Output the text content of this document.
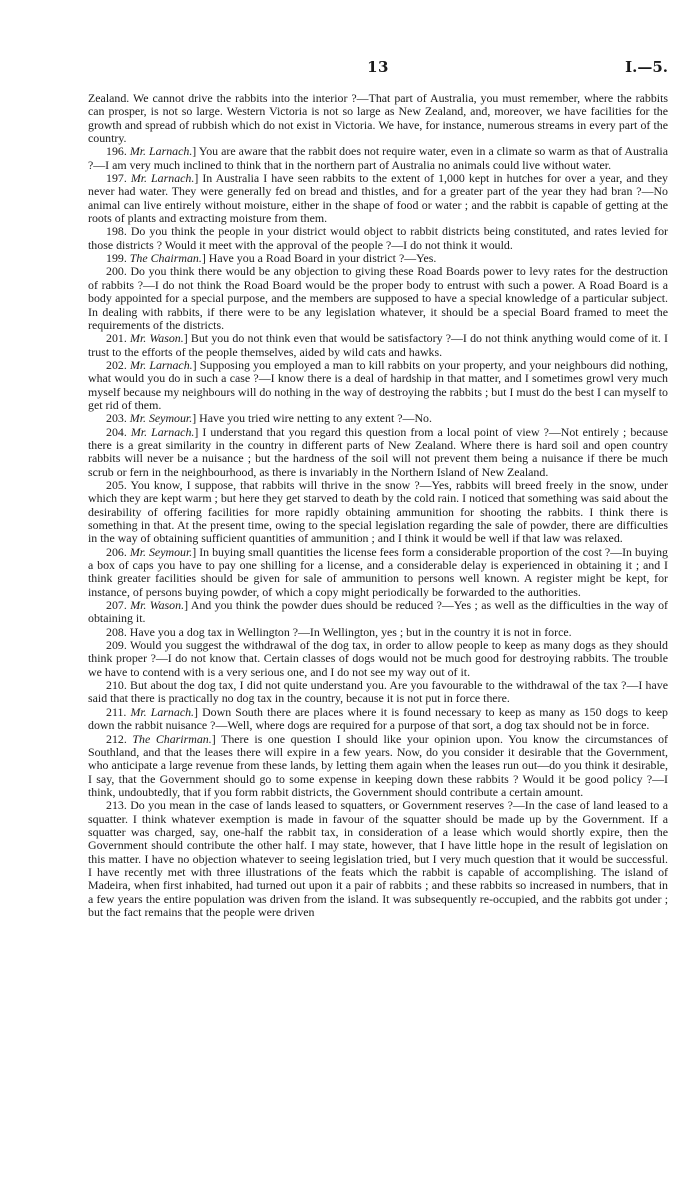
13	I.—5.

Zealand. We cannot drive the rabbits into the interior ?—That part of Australia, you must remember, where the rabbits can prosper, is not so large. Western Victoria is not so large as New Zealand, and, moreover, we have facilities for the growth and spread of rubbish which do not exist in Victoria. We have, for instance, numerous streams in every part of the country.

196. Mr. Larnach.] You are aware that the rabbit does not require water, even in a climate so warm as that of Australia ?—I am very much inclined to think that in the northern part of Australia no animals could live without water.

197. Mr. Larnach.] In Australia I have seen rabbits to the extent of 1,000 kept in hutches for over a year, and they never had water. They were generally fed on bread and thistles, and for a greater part of the year they had bran ?—No animal can live entirely without moisture, either in the shape of food or water ; and the rabbit is capable of getting at the roots of plants and extracting moisture from them.

198. Do you think the people in your district would object to rabbit districts being constituted, and rates levied for those districts ? Would it meet with the approval of the people ?—I do not think it would.

199. The Chairman.] Have you a Road Board in your district ?—Yes.

200. Do you think there would be any objection to giving these Road Boards power to levy rates for the destruction of rabbits ?—I do not think the Road Board would be the proper body to entrust with such a power. A Road Board is a body appointed for a special purpose, and the members are supposed to have a special knowledge of a particular subject. In dealing with rabbits, if there were to be any legislation whatever, it should be a special Board framed to meet the requirements of the districts.

201. Mr. Wason.] But you do not think even that would be satisfactory ?—I do not think anything would come of it. I trust to the efforts of the people themselves, aided by wild cats and hawks.

202. Mr. Larnach.] Supposing you employed a man to kill rabbits on your property, and your neighbours did nothing, what would you do in such a case ?—I know there is a deal of hardship in that matter, and I sometimes growl very much myself because my neighbours will do nothing in the way of destroying the rabbits ; but I must do the best I can myself to get rid of them.

203. Mr. Seymour.] Have you tried wire netting to any extent ?—No.

204. Mr. Larnach.] I understand that you regard this question from a local point of view ?—Not entirely ; because there is a great similarity in the country in different parts of New Zealand. Where there is hard soil and open country rabbits will never be a nuisance ; but the hardness of the soil will not prevent them being a nuisance if there be much scrub or fern in the neighbourhood, as there is invariably in the Northern Island of New Zealand.

205. You know, I suppose, that rabbits will thrive in the snow ?—Yes, rabbits will breed freely in the snow, under which they are kept warm ; but here they get starved to death by the cold rain. I noticed that something was said about the desirability of offering facilities for more rapidly obtaining ammunition for shooting the rabbits. I think there is something in that. At the present time, owing to the special legislation regarding the sale of powder, there are difficulties in the way of obtaining sufficient quantities of ammunition ; and I think it would be well if that law was relaxed.

206. Mr. Seymour.] In buying small quantities the license fees form a considerable proportion of the cost ?—In buying a box of caps you have to pay one shilling for a license, and a considerable delay is experienced in obtaining it ; and I think greater facilities should be given for sale of ammunition to persons well known. A register might be kept, for instance, of persons buying powder, of which a copy might periodically be forwarded to the authorities.

207. Mr. Wason.] And you think the powder dues should be reduced ?—Yes ; as well as the difficulties in the way of obtaining it.

208. Have you a dog tax in Wellington ?—In Wellington, yes ; but in the country it is not in force.

209. Would you suggest the withdrawal of the dog tax, in order to allow people to keep as many dogs as they should think proper ?—I do not know that. Certain classes of dogs would not be much good for destroying rabbits. The trouble we have to contend with is a very serious one, and I do not see my way out of it.

210. But about the dog tax, I did not quite understand you. Are you favourable to the withdrawal of the tax ?—I have said that there is practically no dog tax in the country, because it is not put in force there.

211. Mr. Larnach.] Down South there are places where it is found necessary to keep as many as 150 dogs to keep down the rabbit nuisance ?—Well, where dogs are required for a purpose of that sort, a dog tax should not be in force.

212. The Charirman.] There is one question I should like your opinion upon. You know the circumstances of Southland, and that the leases there will expire in a few years. Now, do you consider it desirable that the Government, who anticipate a large revenue from these lands, by letting them again when the leases run out—do you think it desirable, I say, that the Government should go to some expense in keeping down these rabbits ? Would it be good policy ?—I think, undoubtedly, that if you form rabbit districts, the Government should contribute a certain amount.

213. Do you mean in the case of lands leased to squatters, or Government reserves ?—In the case of land leased to a squatter. I think whatever exemption is made in favour of the squatter should be made up by the Government. If a squatter was charged, say, one-half the rabbit tax, in consideration of a lease which would shortly expire, then the Government should contribute the other half. I may state, however, that I have little hope in the result of legislation on this matter. I have no objection whatever to seeing legislation tried, but I very much question that it would be successful. I have recently met with three illustrations of the feats which the rabbit is capable of accomplishing. The island of Madeira, when first inhabited, had turned out upon it a pair of rabbits ; and these rabbits so increased in numbers, that in a few years the entire population was driven from the island. It was subsequently re-occupied, and the rabbits got under ; but the fact remains that the people were driven
